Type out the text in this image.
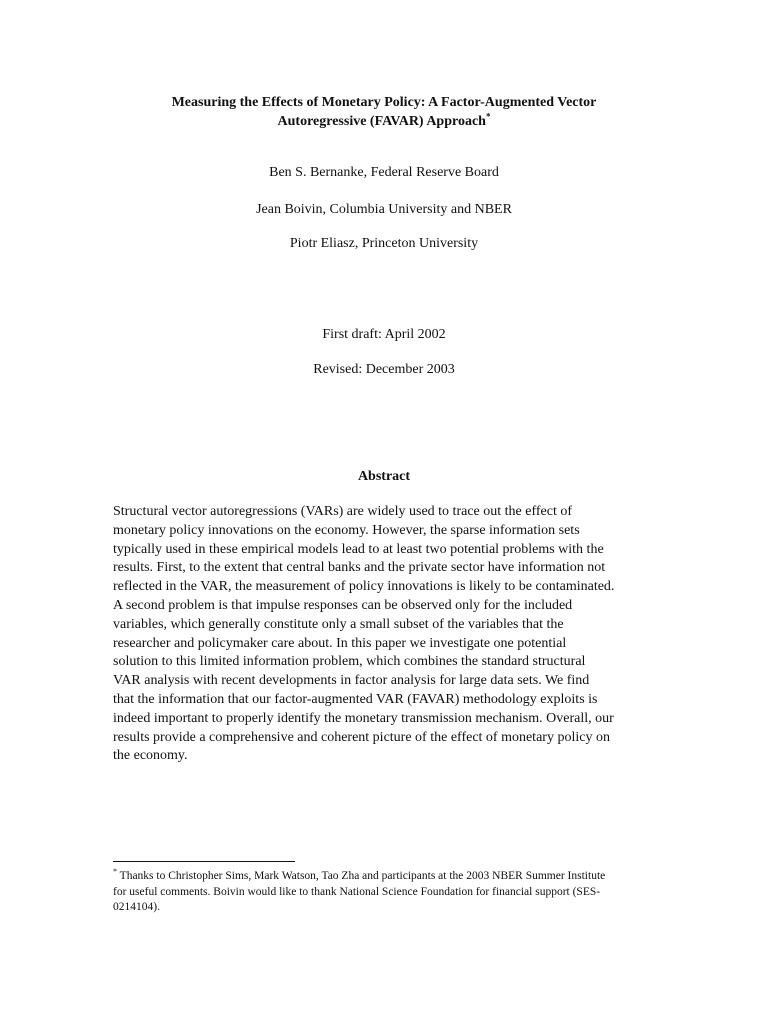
Measuring the Effects of Monetary Policy: A Factor-Augmented Vector
Autoregressive (FAVAR) Approach*
Ben S. Bernanke, Federal Reserve Board
Jean Boivin, Columbia University and NBER
Piotr Eliasz, Princeton University
First draft: April 2002
Revised: December 2003
Abstract
Structural vector autoregressions (VARs) are widely used to trace out the effect of
monetary policy innovations on the economy. However, the sparse information sets
typically used in these empirical models lead to at least two potential problems with the
results. First, to the extent that central banks and the private sector have information not
reflected in the VAR, the measurement of policy innovations is likely to be contaminated.
A second problem is that impulse responses can be observed only for the included
variables, which generally constitute only a small subset of the variables that the
researcher and policymaker care about. In this paper we investigate one potential
solution to this limited information problem, which combines the standard structural
VAR analysis with recent developments in factor analysis for large data sets. We find
that the information that our factor-augmented VAR (FAVAR) methodology exploits is
indeed important to properly identify the monetary transmission mechanism. Overall, our
results provide a comprehensive and coherent picture of the effect of monetary policy on
the economy.
* Thanks to Christopher Sims, Mark Watson, Tao Zha and participants at the 2003 NBER Summer Institute
for useful comments. Boivin would like to thank National Science Foundation for financial support (SES-
0214104).
